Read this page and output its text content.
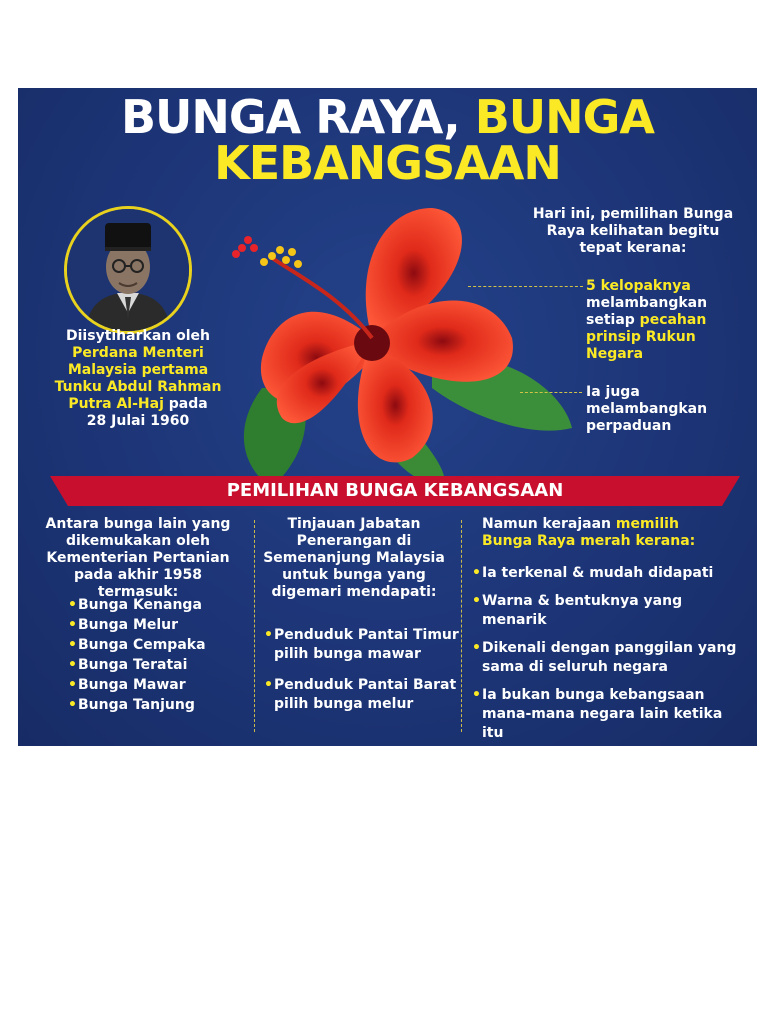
BUNGA RAYA, BUNGA
KEBANGSAAN
Diisytiharkan oleh
Perdana Menteri
Malaysia pertama
Tunku Abdul Rahman
Putra Al-Haj pada
28 Julai 1960
Hari ini, pemilihan Bunga
Raya kelihatan begitu
tepat kerana:
5 kelopaknya
melambangkan
setiap pecahan
prinsip Rukun
Negara
Ia juga
melambangkan
perpaduan
PEMILIHAN BUNGA KEBANGSAAN
Antara bunga lain yang
dikemukakan oleh
Kementerian Pertanian
pada akhir 1958 termasuk:
• Bunga Kenanga
• Bunga Melur
• Bunga Cempaka
• Bunga Teratai
• Bunga Mawar
• Bunga Tanjung
Tinjauan Jabatan
Penerangan di
Semenanjung Malaysia
untuk bunga yang
digemari mendapati:
• Penduduk Pantai Timur pilih bunga mawar
• Penduduk Pantai Barat pilih bunga melur
Namun kerajaan memilih
Bunga Raya merah kerana:
• Ia terkenal & mudah didapati
• Warna & bentuknya yang menarik
• Dikenali dengan panggilan yang sama di seluruh negara
• Ia bukan bunga kebangsaan mana-mana negara lain ketika itu
